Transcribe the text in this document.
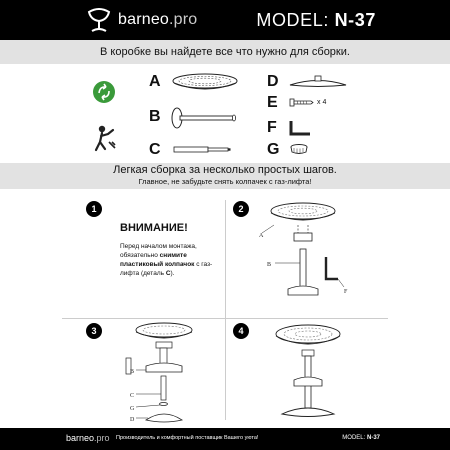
barneo.pro	MODEL: N-37
В коробке вы найдете все что нужно для сборки.
A
B
C
D
E	x 4
F
G
Легкая сборка за несколько простых шагов.
Главное, не забудьте снять колпачек с газ-лифта!
1	2
3	4
ВНИМАНИЕ!
Перед началом монтажа, обязательно снимите пластиковый колпачок с газ-лифта (деталь C).
A
B
F
B
C
G
D
barneo.pro Производитель и комфортный поставщик Вашего уюта!	MODEL: N-37
